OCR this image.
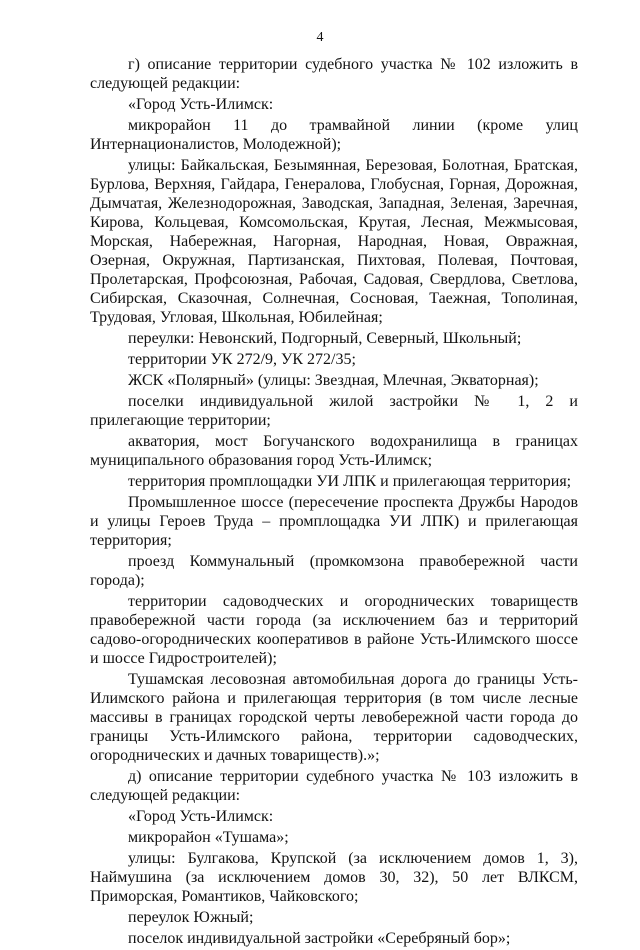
4

г) описание территории судебного участка № 102 изложить в следующей редакции:

«Город Усть-Илимск:

микрорайон 11 до трамвайной линии (кроме улиц Интернационалистов, Молодежной);

улицы: Байкальская, Безымянная, Березовая, Болотная, Братская, Бурлова, Верхняя, Гайдара, Генералова, Глобусная, Горная, Дорожная, Дымчатая, Железнодорожная, Заводская, Западная, Зеленая, Заречная, Кирова, Кольцевая, Комсомольская, Крутая, Лесная, Межмысовая, Морская, Набережная, Нагорная, Народная, Новая, Овражная, Озерная, Окружная, Партизанская, Пихтовая, Полевая, Почтовая, Пролетарская, Профсоюзная, Рабочая, Садовая, Свердлова, Светлова, Сибирская, Сказочная, Солнечная, Сосновая, Таежная, Тополиная, Трудовая, Угловая, Школьная, Юбилейная;

переулки: Невонский, Подгорный, Северный, Школьный;

территории УК 272/9, УК 272/35;

ЖСК «Полярный» (улицы: Звездная, Млечная, Экваторная);

поселки индивидуальной жилой застройки № 1, 2 и прилегающие территории;

акватория, мост Богучанского водохранилища в границах муниципального образования город Усть-Илимск;

территория промплощадки УИ ЛПК и прилегающая территория;

Промышленное шоссе (пересечение проспекта Дружбы Народов и улицы Героев Труда – промплощадка УИ ЛПК) и прилегающая территория;

проезд Коммунальный (промкомзона правобережной части города);

территории садоводческих и огороднических товариществ правобережной части города (за исключением баз и территорий садово-огороднических кооперативов в районе Усть-Илимского шоссе и шоссе Гидростроителей);

Тушамская лесовозная автомобильная дорога до границы Усть-Илимского района и прилегающая территория (в том числе лесные массивы в границах городской черты левобережной части города до границы Усть-Илимского района, территории садоводческих, огороднических и дачных товариществ).»;

д) описание территории судебного участка № 103 изложить в следующей редакции:

«Город Усть-Илимск:

микрорайон «Тушама»;

улицы: Булгакова, Крупской (за исключением домов 1, 3), Наймушина (за исключением домов 30, 32), 50 лет ВЛКСМ, Приморская, Романтиков, Чайковского;

переулок Южный;

поселок индивидуальной застройки «Серебряный бор»;
